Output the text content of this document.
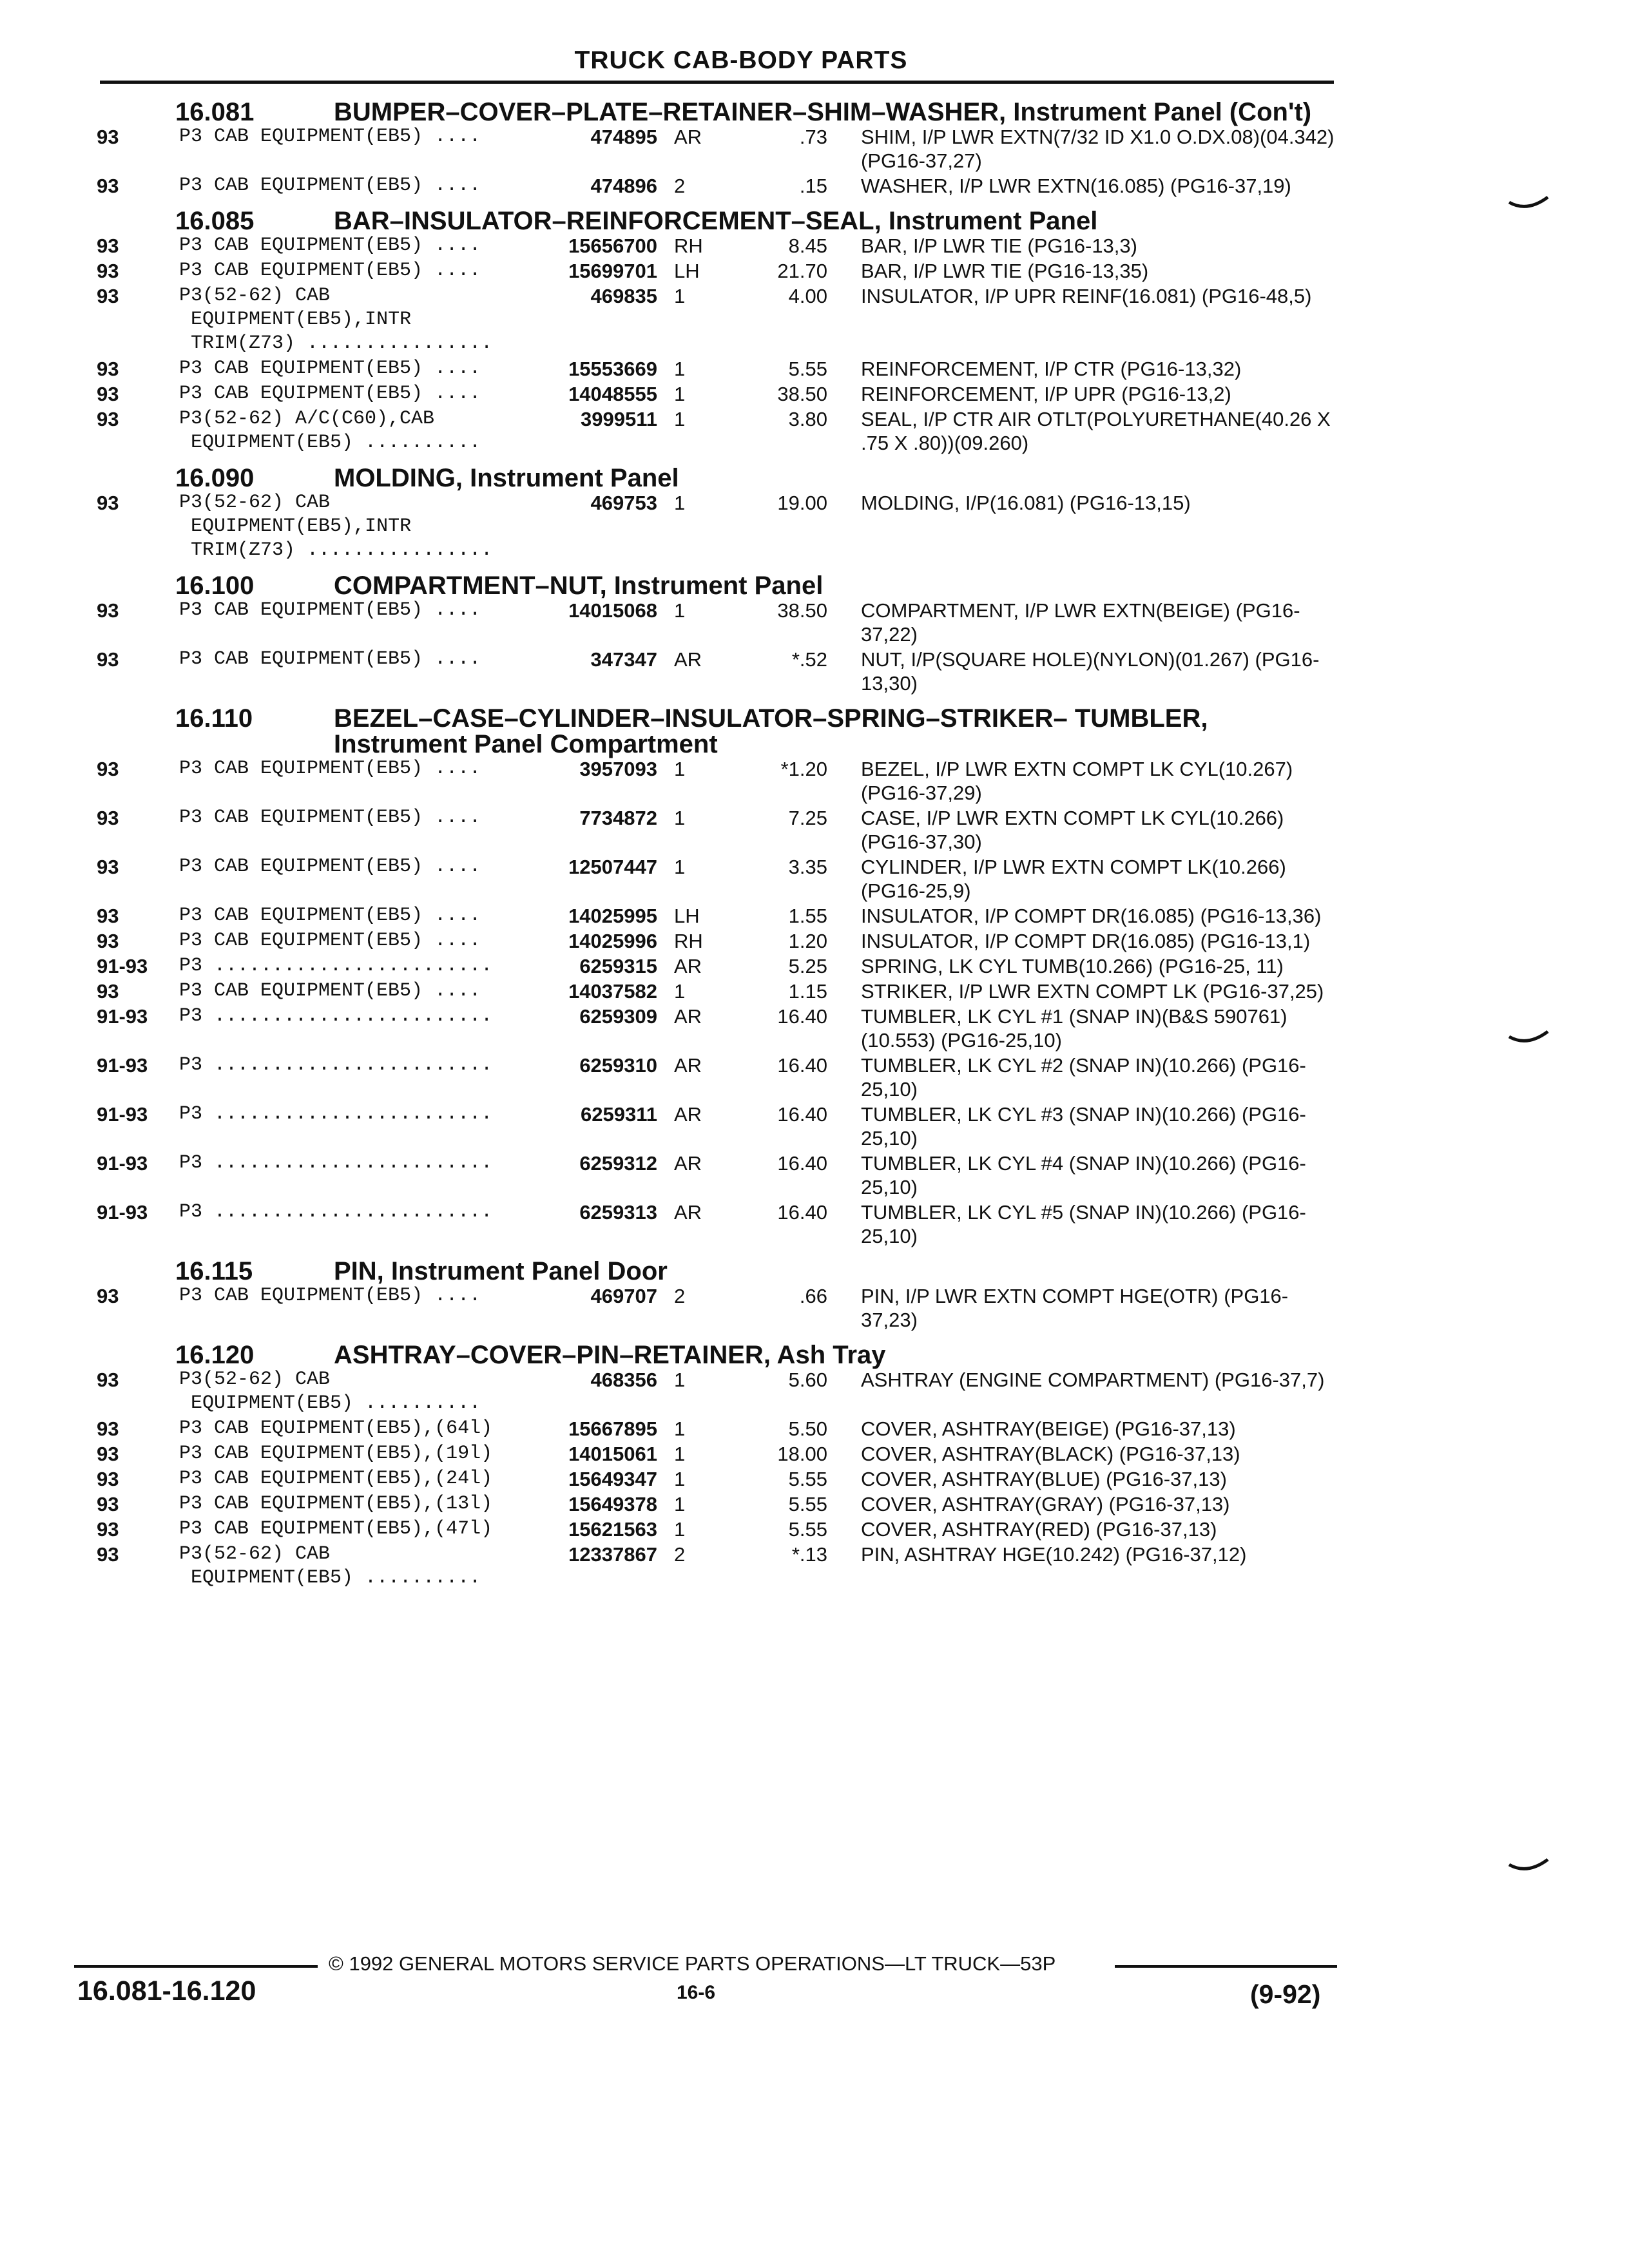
TRUCK CAB-BODY PARTS
16.081	BUMPER–COVER–PLATE–RETAINER–SHIM–WASHER, Instrument Panel (Con't)
93	P3 CAB EQUIPMENT(EB5) ....	474895 AR	.73 SHIM, I/P LWR EXTN(7/32 ID X1.0 O.DX.08)(04.342) (PG16-37,27) .....
93	P3 CAB EQUIPMENT(EB5) ....	474896 2	.15 WASHER, I/P LWR EXTN(16.085) (PG16-37,19) .....
16.085	BAR–INSULATOR–REINFORCEMENT–SEAL, Instrument Panel
93	P3 CAB EQUIPMENT(EB5) ....	15656700 RH	8.45 BAR, I/P LWR TIE (PG16-13,3) .....
93	P3 CAB EQUIPMENT(EB5) ....	15699701 LH	21.70 BAR, I/P LWR TIE (PG16-13,35) .....
93	P3(52-62) CAB
EQUIPMENT(EB5),INTR
TRIM(Z73) ................
469835 1	4.00 INSULATOR, I/P UPR REINF(16.081) (PG16-48,5) .....
93	P3 CAB EQUIPMENT(EB5) ....	15553669 1	5.55 REINFORCEMENT, I/P CTR (PG16-13,32) .....
93	P3 CAB EQUIPMENT(EB5) ....	14048555 1	38.50 REINFORCEMENT, I/P UPR (PG16-13,2) .....
93	P3(52-62) A/C(C60),CAB
EQUIPMENT(EB5) ..........
3999511 1	3.80 SEAL, I/P CTR AIR OTLT(POLYURETHANE(40.26 X .75 X .80))(09.260) .....
16.090	MOLDING, Instrument Panel
93	P3(52-62) CAB
EQUIPMENT(EB5),INTR
TRIM(Z73) ................
469753 1	19.00 MOLDING, I/P(16.081) (PG16-13,15) .....
16.100	COMPARTMENT–NUT, Instrument Panel
93	P3 CAB EQUIPMENT(EB5) ....	14015068 1	38.50 COMPARTMENT, I/P LWR EXTN(BEIGE) (PG16-37,22) .....
93	P3 CAB EQUIPMENT(EB5) ....	347347 AR	*.52 NUT, I/P(SQUARE HOLE)(NYLON)(01.267) (PG16-13,30) .....
16.110	BEZEL–CASE–CYLINDER–INSULATOR–SPRING–STRIKER– TUMBLER, Instrument Panel Compartment
93	P3 CAB EQUIPMENT(EB5) ....	3957093 1	*1.20 BEZEL, I/P LWR EXTN COMPT LK CYL(10.267) (PG16-37,29) .....
93	P3 CAB EQUIPMENT(EB5) ....	7734872 1	7.25 CASE, I/P LWR EXTN COMPT LK CYL(10.266) (PG16-37,30) .....
93	P3 CAB EQUIPMENT(EB5) ....	12507447 1	3.35 CYLINDER, I/P LWR EXTN COMPT LK(10.266) (PG16-25,9) .....
93	P3 CAB EQUIPMENT(EB5) ....	14025995 LH	1.55 INSULATOR, I/P COMPT DR(16.085) (PG16-13,36) .....
93	P3 CAB EQUIPMENT(EB5) ....	14025996 RH	1.20 INSULATOR, I/P COMPT DR(16.085) (PG16-13,1) .....
91-93 P3 ........................	6259315 AR	5.25 SPRING, LK CYL TUMB(10.266) (PG16-25, 11) .....
93	P3 CAB EQUIPMENT(EB5) ....	14037582 1	1.15 STRIKER, I/P LWR EXTN COMPT LK (PG16-37,25) .....
91-93 P3 ........................	6259309 AR	16.40 TUMBLER, LK CYL #1 (SNAP IN)(B&S 590761)(10.553) (PG16-25,10) .....
91-93 P3 ........................	6259310 AR	16.40 TUMBLER, LK CYL #2 (SNAP IN)(10.266) (PG16-25,10) .....
91-93 P3 ........................	6259311 AR	16.40 TUMBLER, LK CYL #3 (SNAP IN)(10.266) (PG16-25,10) .....
91-93 P3 ........................	6259312 AR	16.40 TUMBLER, LK CYL #4 (SNAP IN)(10.266) (PG16-25,10) .....
91-93 P3 ........................	6259313 AR	16.40 TUMBLER, LK CYL #5 (SNAP IN)(10.266) (PG16-25,10) .....
16.115	PIN, Instrument Panel Door
93	P3 CAB EQUIPMENT(EB5) ....	469707 2	.66 PIN, I/P LWR EXTN COMPT HGE(OTR) (PG16-37,23) .....
16.120	ASHTRAY–COVER–PIN–RETAINER, Ash Tray
93	P3(52-62) CAB
EQUIPMENT(EB5) ..........
468356 1	5.60 ASHTRAY (ENGINE COMPARTMENT) (PG16-37,7) .....
93	P3 CAB EQUIPMENT(EB5),(64l)	15667895 1	5.50 COVER, ASHTRAY(BEIGE) (PG16-37,13) .....
93	P3 CAB EQUIPMENT(EB5),(19l)	14015061 1	18.00 COVER, ASHTRAY(BLACK) (PG16-37,13) .....
93	P3 CAB EQUIPMENT(EB5),(24l)	15649347 1	5.55 COVER, ASHTRAY(BLUE) (PG16-37,13) .....
93	P3 CAB EQUIPMENT(EB5),(13l)	15649378 1	5.55 COVER, ASHTRAY(GRAY) (PG16-37,13) .....
93	P3 CAB EQUIPMENT(EB5),(47l)	15621563 1	5.55 COVER, ASHTRAY(RED) (PG16-37,13) .....
93	P3(52-62) CAB
EQUIPMENT(EB5) ..........
12337867 2	*.13 PIN, ASHTRAY HGE(10.242) (PG16-37,12) .....
© 1992 GENERAL MOTORS SERVICE PARTS OPERATIONS—LT TRUCK—53P
16.081-16.120	16-6	(9-92)
